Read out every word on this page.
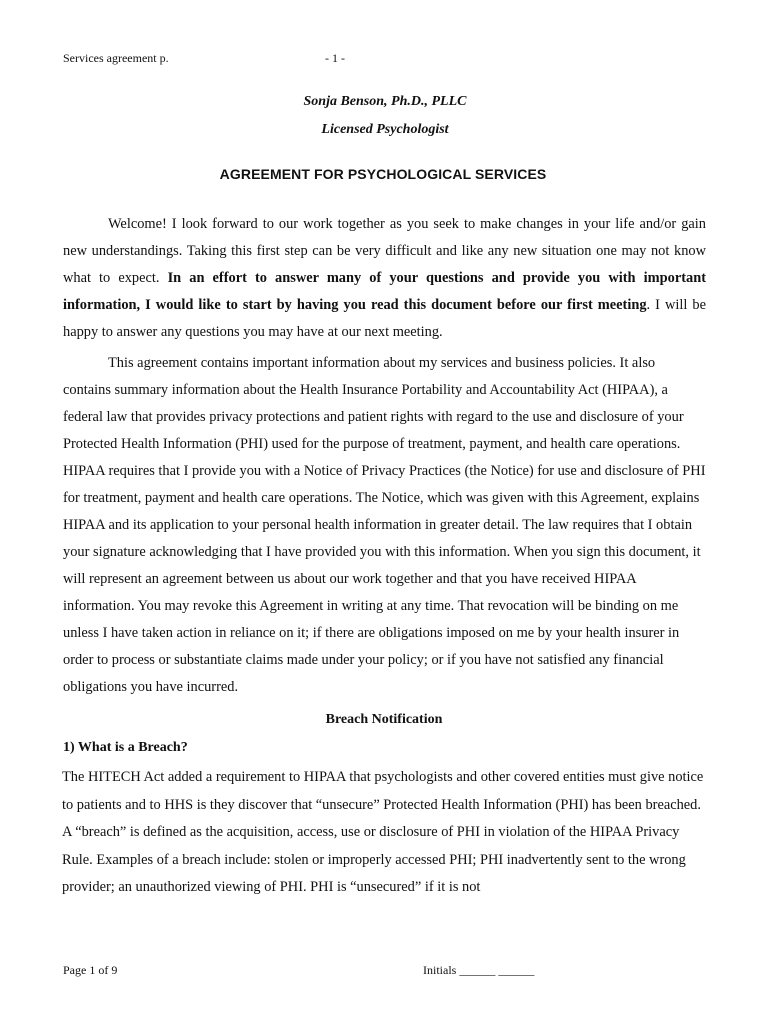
Services agreement p.	- 1 -
Sonja Benson, Ph.D., PLLC
Licensed Psychologist
AGREEMENT FOR PSYCHOLOGICAL SERVICES

Welcome! I look forward to our work together as you seek to make changes in your life and/or gain new understandings. Taking this first step can be very difficult and like any new situation one may not know what to expect. In an effort to answer many of your questions and provide you with important information, I would like to start by having you read this document before our first meeting. I will be happy to answer any questions you may have at our next meeting.

This agreement contains important information about my services and business policies. It also contains summary information about the Health Insurance Portability and Accountability Act (HIPAA), a federal law that provides privacy protections and patient rights with regard to the use and disclosure of your Protected Health Information (PHI) used for the purpose of treatment, payment, and health care operations. HIPAA requires that I provide you with a Notice of Privacy Practices (the Notice) for use and disclosure of PHI for treatment, payment and health care operations. The Notice, which was given with this Agreement, explains HIPAA and its application to your personal health information in greater detail. The law requires that I obtain your signature acknowledging that I have provided you with this information. When you sign this document, it will represent an agreement between us about our work together and that you have received HIPAA information. You may revoke this Agreement in writing at any time. That revocation will be binding on me unless I have taken action in reliance on it; if there are obligations imposed on me by your health insurer in order to process or substantiate claims made under your policy; or if you have not satisfied any financial obligations you have incurred.

Breach Notification
1) What is a Breach?

The HITECH Act added a requirement to HIPAA that psychologists and other covered entities must give notice to patients and to HHS is they discover that “unsecure” Protected Health Information (PHI) has been breached. A “breach” is defined as the acquisition, access, use or disclosure of PHI in violation of the HIPAA Privacy Rule. Examples of a breach include: stolen or improperly accessed PHI; PHI inadvertently sent to the wrong provider; an unauthorized viewing of PHI. PHI is “unsecured” if it is not

Page 1 of 9	Initials ______ ______
